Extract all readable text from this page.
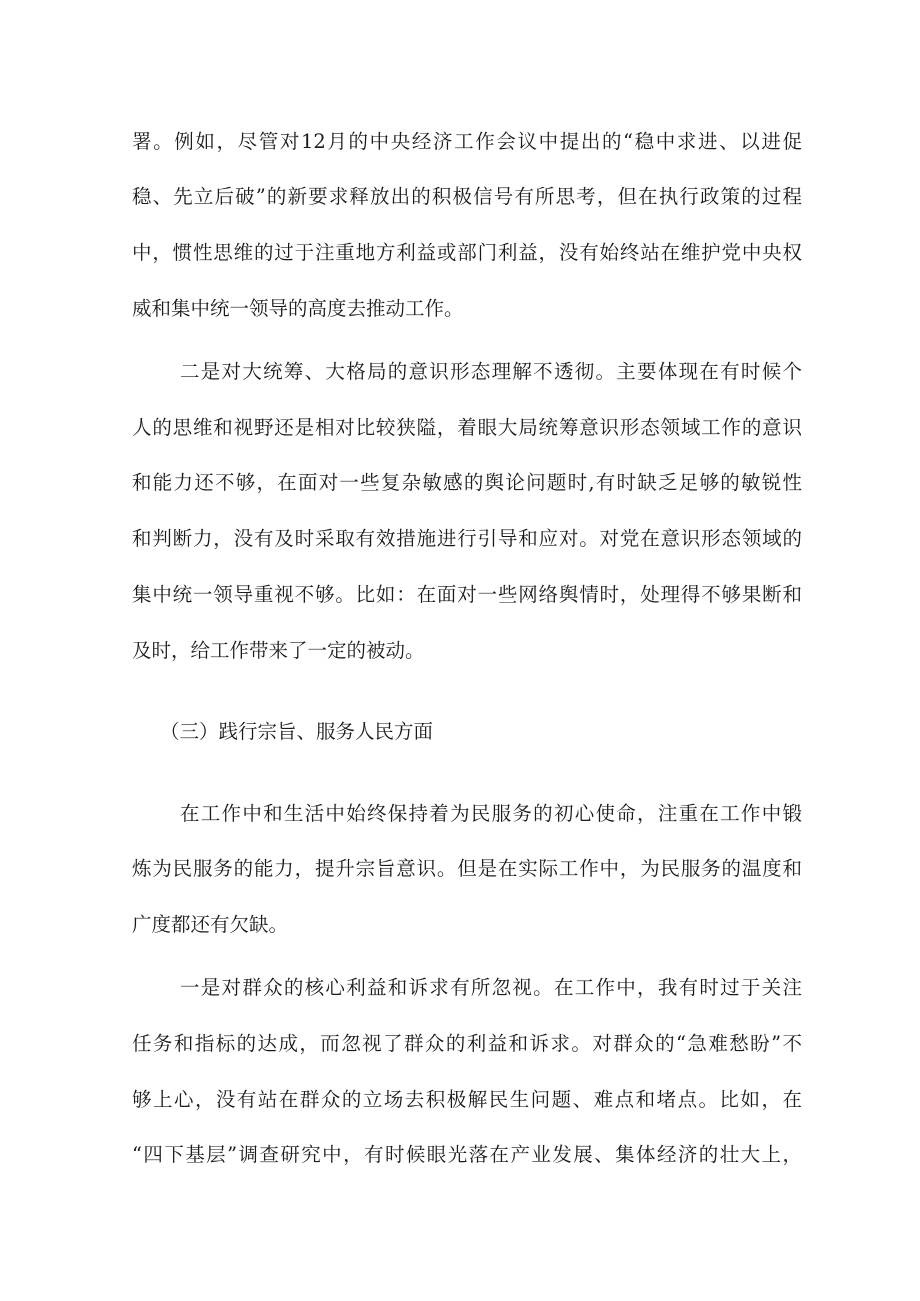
署。例如，尽管对12月的中央经济工作会议中提出的“稳中求进、以进促
稳、先立后破”的新要求释放出的积极信号有所思考，但在执行政策的过程
中，惯性思维的过于注重地方利益或部门利益，没有始终站在维护党中央权
威和集中统一领导的高度去推动工作。
二是对大统筹、大格局的意识形态理解不透彻。主要体现在有时候个
人的思维和视野还是相对比较狭隘，着眼大局统筹意识形态领域工作的意识
和能力还不够，在面对一些复杂敏感的舆论问题时,有时缺乏足够的敏锐性
和判断力，没有及时采取有效措施进行引导和应对。对党在意识形态领域的
集中统一领导重视不够。比如：在面对一些网络舆情时，处理得不够果断和
及时，给工作带来了一定的被动。
（三）践行宗旨、服务人民方面
在工作中和生活中始终保持着为民服务的初心使命，注重在工作中锻
炼为民服务的能力，提升宗旨意识。但是在实际工作中，为民服务的温度和
广度都还有欠缺。
一是对群众的核心利益和诉求有所忽视。在工作中，我有时过于关注
任务和指标的达成，而忽视了群众的利益和诉求。对群众的“急难愁盼”不
够上心，没有站在群众的立场去积极解民生问题、难点和堵点。比如，在
“四下基层”调查研究中，有时候眼光落在产业发展、集体经济的壮大上，
